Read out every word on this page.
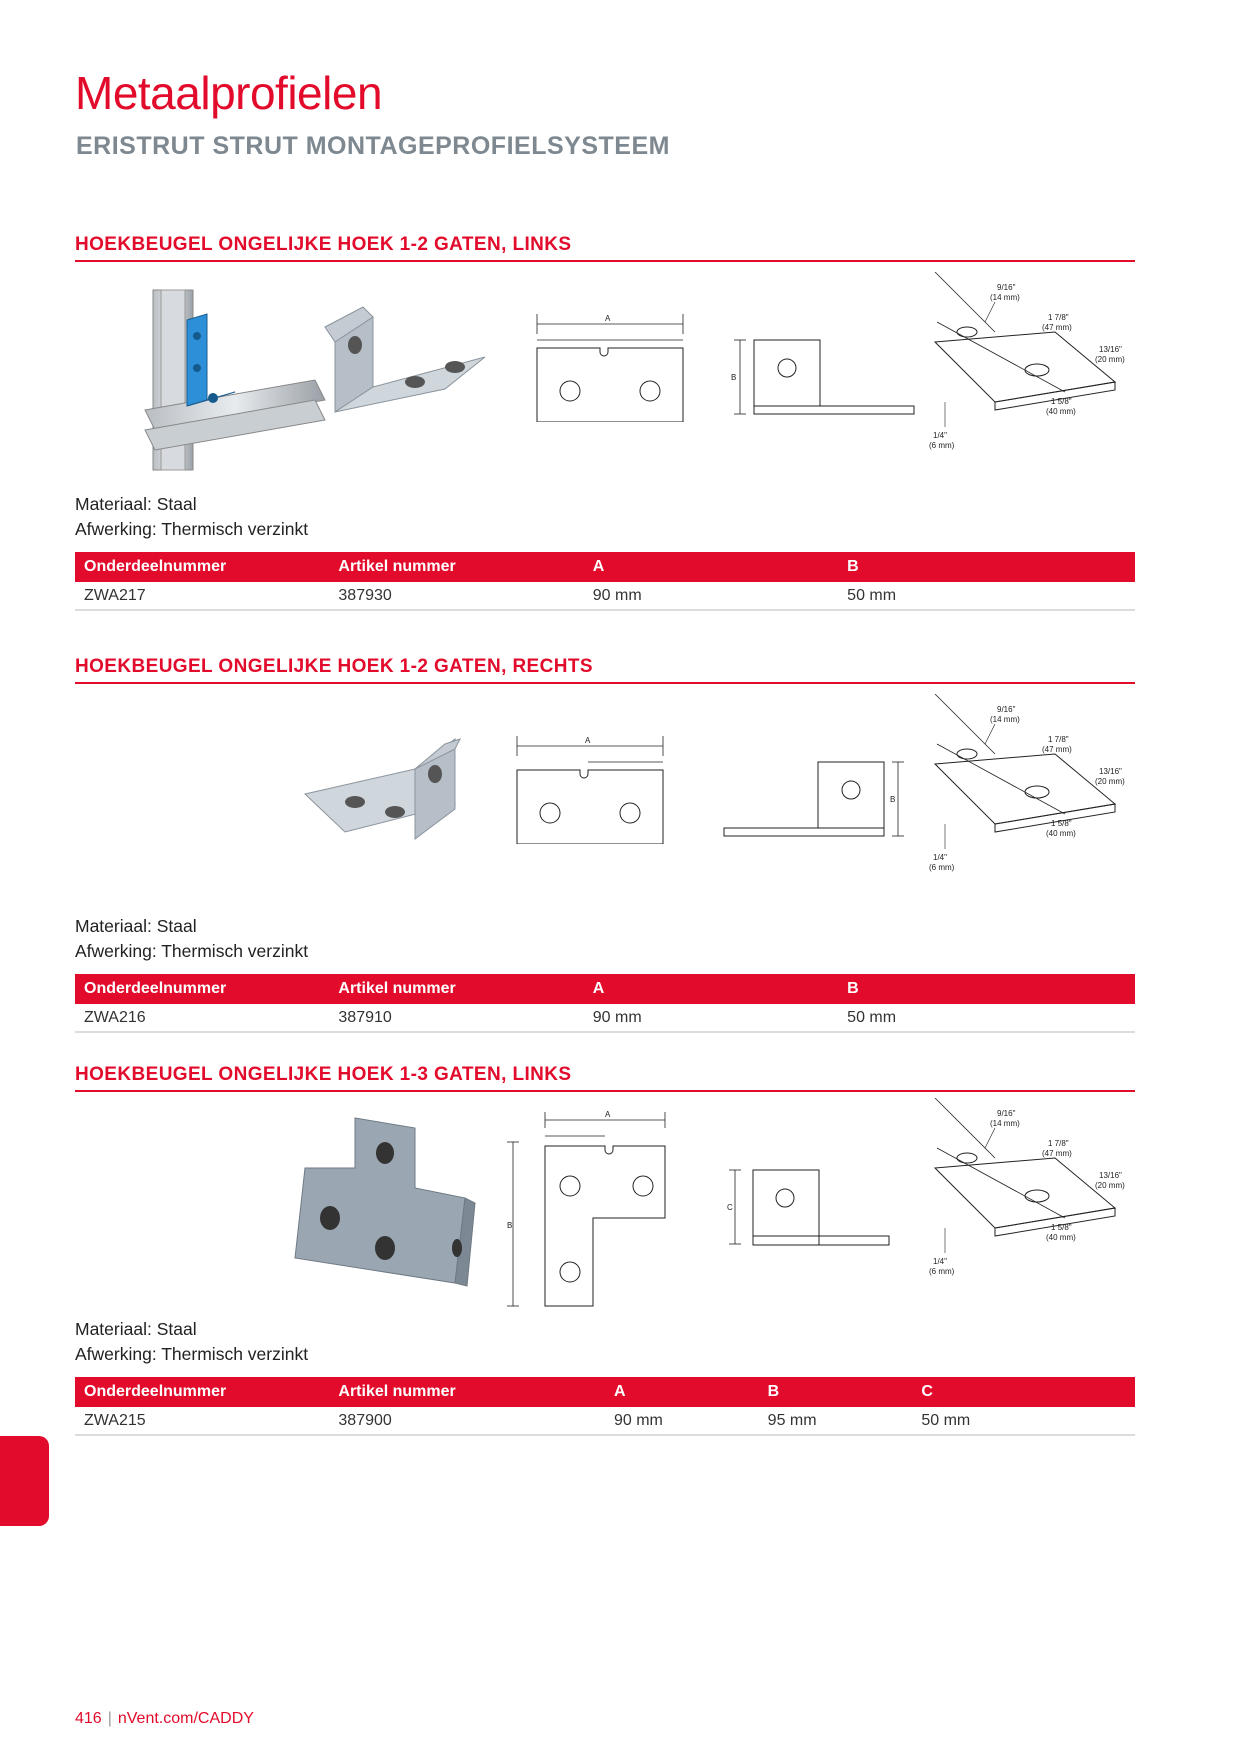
Metaalprofielen
ERISTRUT STRUT MONTAGEPROFIELSYSTEEM
HOEKBEUGEL ONGELIJKE HOEK 1-2 GATEN, LINKS
A
B
9/16"
(14 mm)
1 7/8"
(47 mm)
13/16"
(20 mm)
1 5/8"
(40 mm)
1/4"
(6 mm)
Materiaal: Staal
Afwerking: Thermisch verzinkt
Onderdeelnummer	Artikel nummer	A	B
ZWA217	387930	90 mm	50 mm
HOEKBEUGEL ONGELIJKE HOEK 1-2 GATEN, RECHTS
A
B
9/16"
(14 mm)
1 7/8"
(47 mm)
13/16"
(20 mm)
1 5/8"
(40 mm)
1/4"
(6 mm)
Materiaal: Staal
Afwerking: Thermisch verzinkt
Onderdeelnummer	Artikel nummer	A	B
ZWA216	387910	90 mm	50 mm
HOEKBEUGEL ONGELIJKE HOEK 1-3 GATEN, LINKS
A
B
C
9/16"
(14 mm)
1 7/8"
(47 mm)
13/16"
(20 mm)
1 5/8"
(40 mm)
1/4"
(6 mm)
Materiaal: Staal
Afwerking: Thermisch verzinkt
Onderdeelnummer	Artikel nummer	A	B	C
ZWA215	387900	90 mm	95 mm	50 mm
416 | nVent.com/CADDY
